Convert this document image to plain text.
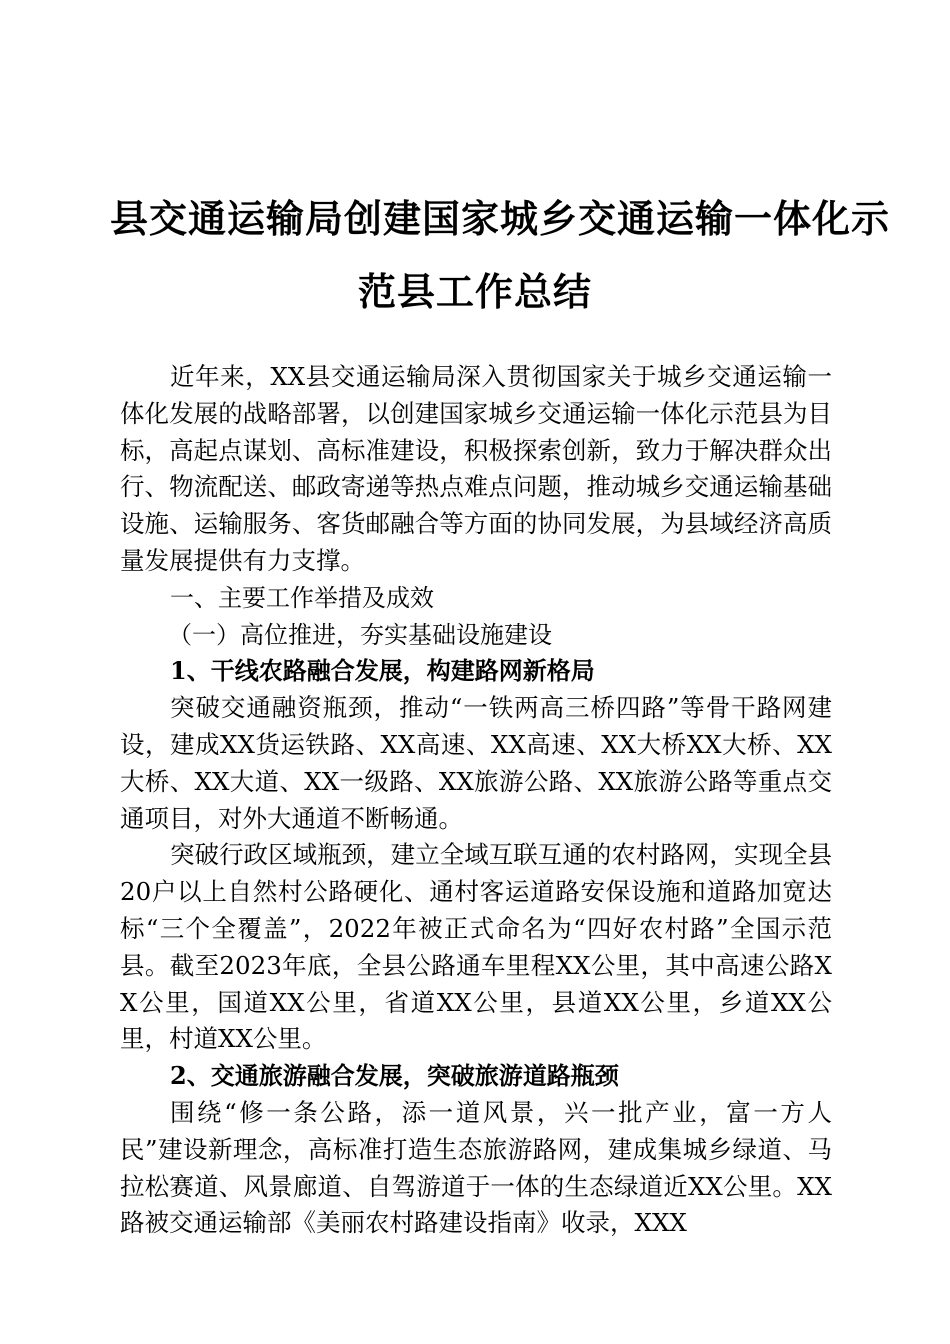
县交通运输局创建国家城乡交通运输一体化示
范县工作总结

近年来，XX县交通运输局深入贯彻国家关于城乡交通运输一体化发展的战略部署，以创建国家城乡交通运输一体化示范县为目标，高起点谋划、高标准建设，积极探索创新，致力于解决群众出行、物流配送、邮政寄递等热点难点问题，推动城乡交通运输基础设施、运输服务、客货邮融合等方面的协同发展，为县域经济高质量发展提供有力支撑。

一、主要工作举措及成效

（一）高位推进，夯实基础设施建设

1、干线农路融合发展，构建路网新格局

突破交通融资瓶颈，推动“一铁两高三桥四路”等骨干路网建设，建成XX货运铁路、XX高速、XX高速、XX大桥XX大桥、XX大桥、XX大道、XX一级路、XX旅游公路、XX旅游公路等重点交通项目，对外大通道不断畅通。

突破行政区域瓶颈，建立全域互联互通的农村路网，实现全县20户以上自然村公路硬化、通村客运道路安保设施和道路加宽达标“三个全覆盖”，2022年被正式命名为“四好农村路”全国示范县。截至2023年底，全县公路通车里程XX公里，其中高速公路XX公里，国道XX公里，省道XX公里，县道XX公里，乡道XX公里，村道XX公里。

2、交通旅游融合发展，突破旅游道路瓶颈

围绕“修一条公路，添一道风景，兴一批产业，富一方人民”建设新理念，高标准打造生态旅游路网，建成集城乡绿道、马拉松赛道、风景廊道、自驾游道于一体的生态绿道近XX公里。XX路被交通运输部《美丽农村路建设指南》收录，XXX
